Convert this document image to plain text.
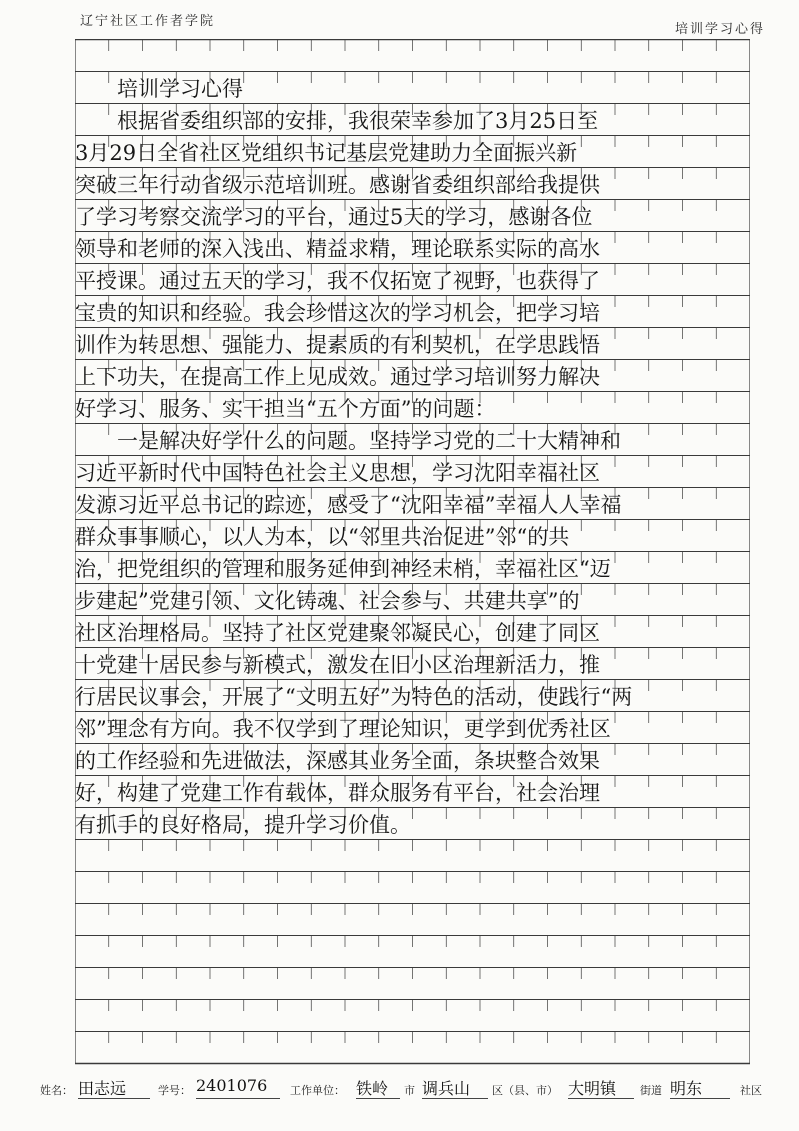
辽宁社区工作者学院
培训学习心得
　　培训学习心得
　　根据省委组织部的安排，我很荣幸参加了3月25日至
3月29日全省社区党组织书记基层党建助力全面振兴新
突破三年行动省级示范培训班。感谢省委组织部给我提供
了学习考察交流学习的平台，通过5天的学习，感谢各位
领导和老师的深入浅出、精益求精，理论联系实际的高水
平授课。通过五天的学习，我不仅拓宽了视野，也获得了
宝贵的知识和经验。我会珍惜这次的学习机会，把学习培
训作为转思想、强能力、提素质的有利契机，在学思践悟
上下功夫，在提高工作上见成效。通过学习培训努力解决
好学习、服务、实干担当“五个方面”的问题：
　　一是解决好学什么的问题。坚持学习党的二十大精神和
习近平新时代中国特色社会主义思想，学习沈阳幸福社区
发源习近平总书记的踪迹，感受了“沈阳幸福”幸福人人幸福
群众事事顺心，以人为本，以“邻里共治促进”邻“的共
治，把党组织的管理和服务延伸到神经末梢，幸福社区“迈
步建起”党建引领、文化铸魂、社会参与、共建共享”的
社区治理格局。坚持了社区党建聚邻凝民心，创建了同区
十党建十居民参与新模式，激发在旧小区治理新活力，推
行居民议事会，开展了“文明五好”为特色的活动，使践行“两
邻”理念有方向。我不仅学到了理论知识，更学到优秀社区
的工作经验和先进做法，深感其业务全面，条块整合效果
好，构建了党建工作有载体，群众服务有平台，社会治理
有抓手的良好格局，提升学习价值。
姓名： 田志远	学号： 2401076	工作单位： 铁岭	市 调兵山	区（县、市） 大明镇	街道 明东	社区
